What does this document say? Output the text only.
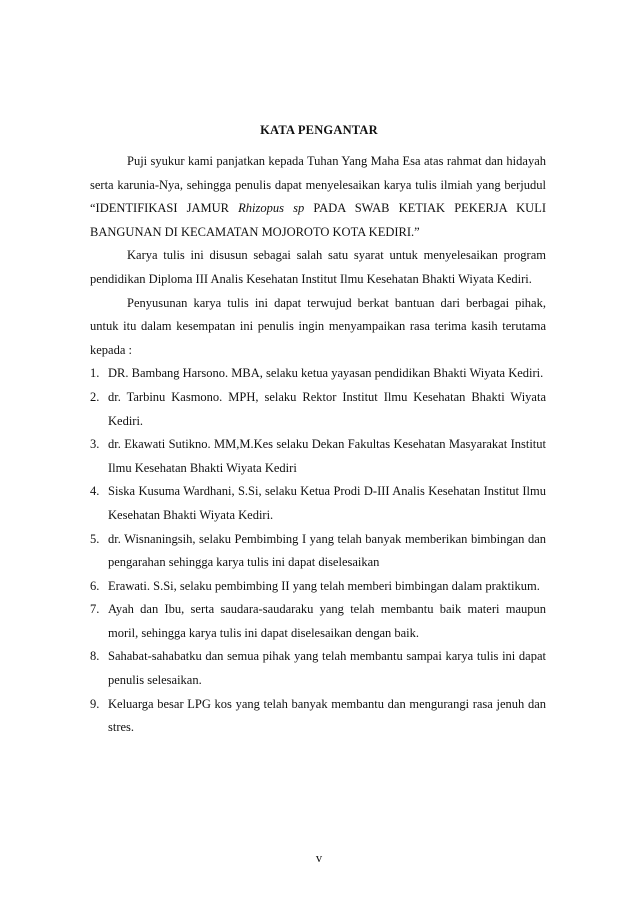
KATA PENGANTAR

Puji syukur kami panjatkan kepada Tuhan Yang Maha Esa atas rahmat dan hidayah serta karunia-Nya, sehingga penulis dapat menyelesaikan karya tulis ilmiah yang berjudul “IDENTIFIKASI JAMUR Rhizopus sp PADA SWAB KETIAK PEKERJA KULI BANGUNAN DI KECAMATAN MOJOROTO KOTA KEDIRI.”

Karya tulis ini disusun sebagai salah satu syarat untuk menyelesaikan program pendidikan Diploma III Analis Kesehatan Institut Ilmu Kesehatan Bhakti Wiyata Kediri.

Penyusunan karya tulis ini dapat terwujud berkat bantuan dari berbagai pihak, untuk itu dalam kesempatan ini penulis ingin menyampaikan rasa terima kasih terutama kepada :

1. DR. Bambang Harsono. MBA, selaku ketua yayasan pendidikan Bhakti Wiyata Kediri.
2. dr. Tarbinu Kasmono. MPH, selaku Rektor Institut Ilmu Kesehatan Bhakti Wiyata Kediri.
3. dr. Ekawati Sutikno. MM,M.Kes selaku Dekan Fakultas Kesehatan Masyarakat Institut Ilmu Kesehatan Bhakti Wiyata Kediri
4. Siska Kusuma Wardhani, S.Si, selaku Ketua Prodi D-III Analis Kesehatan Institut Ilmu Kesehatan Bhakti Wiyata Kediri.
5. dr. Wisnaningsih, selaku Pembimbing I yang telah banyak memberikan bimbingan dan pengarahan sehingga karya tulis ini dapat diselesaikan
6. Erawati. S.Si, selaku pembimbing II yang telah memberi bimbingan dalam praktikum.
7. Ayah dan Ibu, serta saudara-saudaraku yang telah membantu baik materi maupun moril, sehingga karya tulis ini dapat diselesaikan dengan baik.
8. Sahabat-sahabatku dan semua pihak yang telah membantu sampai karya tulis ini dapat penulis selesaikan.
9. Keluarga besar LPG kos yang telah banyak membantu dan mengurangi rasa jenuh dan stres.
v
